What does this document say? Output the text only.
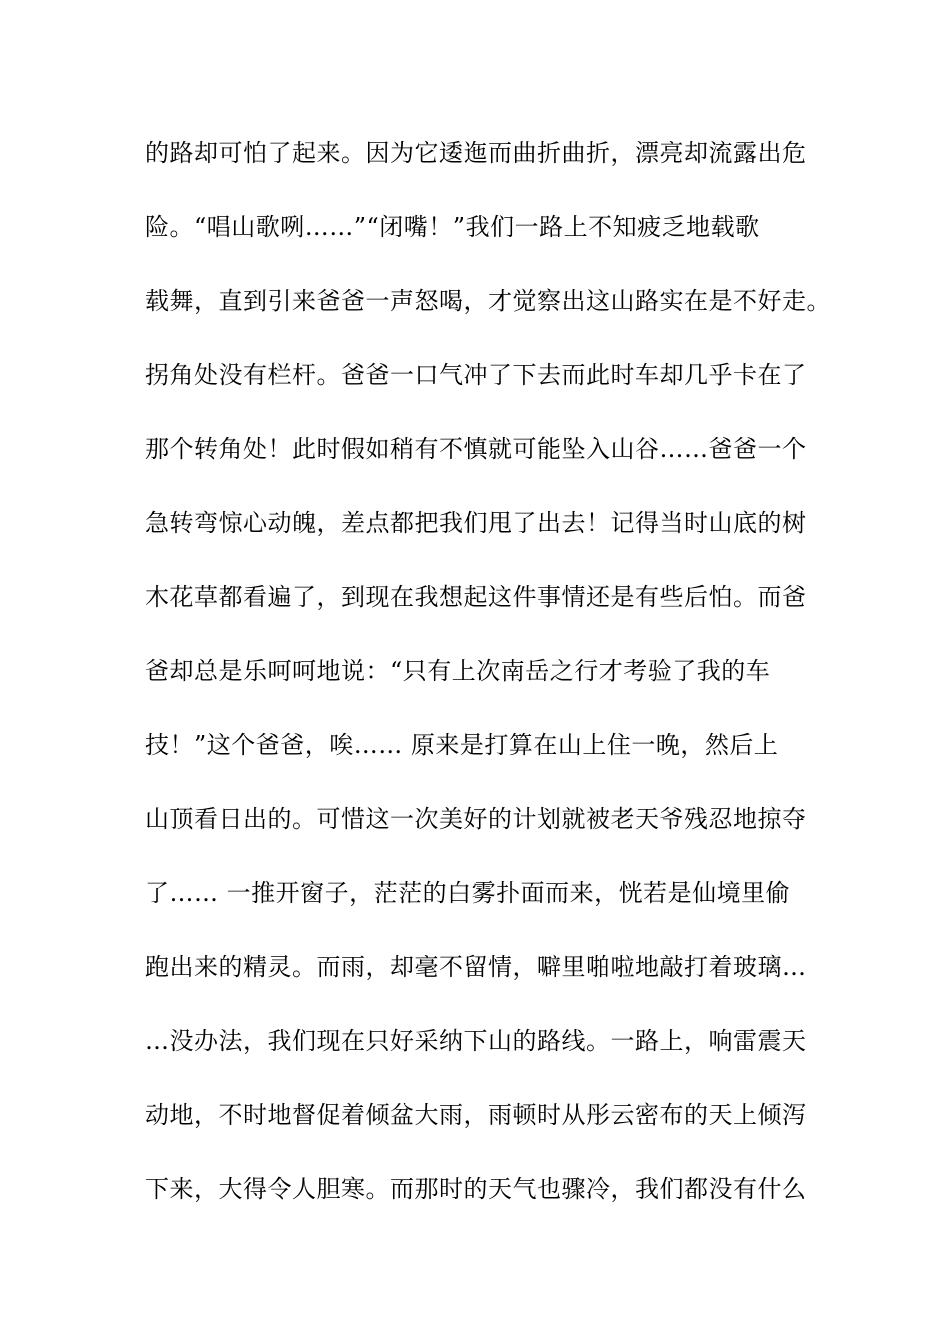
的路却可怕了起来。因为它逶迤而曲折曲折，漂亮却流露出危
险。“唱山歌咧……”“闭嘴！”我们一路上不知疲乏地载歌
载舞，直到引来爸爸一声怒喝，才觉察出这山路实在是不好走。
拐角处没有栏杆。爸爸一口气冲了下去而此时车却几乎卡在了
那个转角处！此时假如稍有不慎就可能坠入山谷……爸爸一个
急转弯惊心动魄，差点都把我们甩了出去！记得当时山底的树
木花草都看遍了，到现在我想起这件事情还是有些后怕。而爸
爸却总是乐呵呵地说：“只有上次南岳之行才考验了我的车
技！”这个爸爸，唉…… 原来是打算在山上住一晚，然后上
山顶看日出的。可惜这一次美好的计划就被老天爷残忍地掠夺
了…… 一推开窗子，茫茫的白雾扑面而来，恍若是仙境里偷
跑出来的精灵。而雨，却毫不留情，噼里啪啦地敲打着玻璃…
…没办法，我们现在只好采纳下山的路线。一路上，响雷震天
动地，不时地督促着倾盆大雨，雨顿时从彤云密布的天上倾泻
下来，大得令人胆寒。而那时的天气也骤冷，我们都没有什么
